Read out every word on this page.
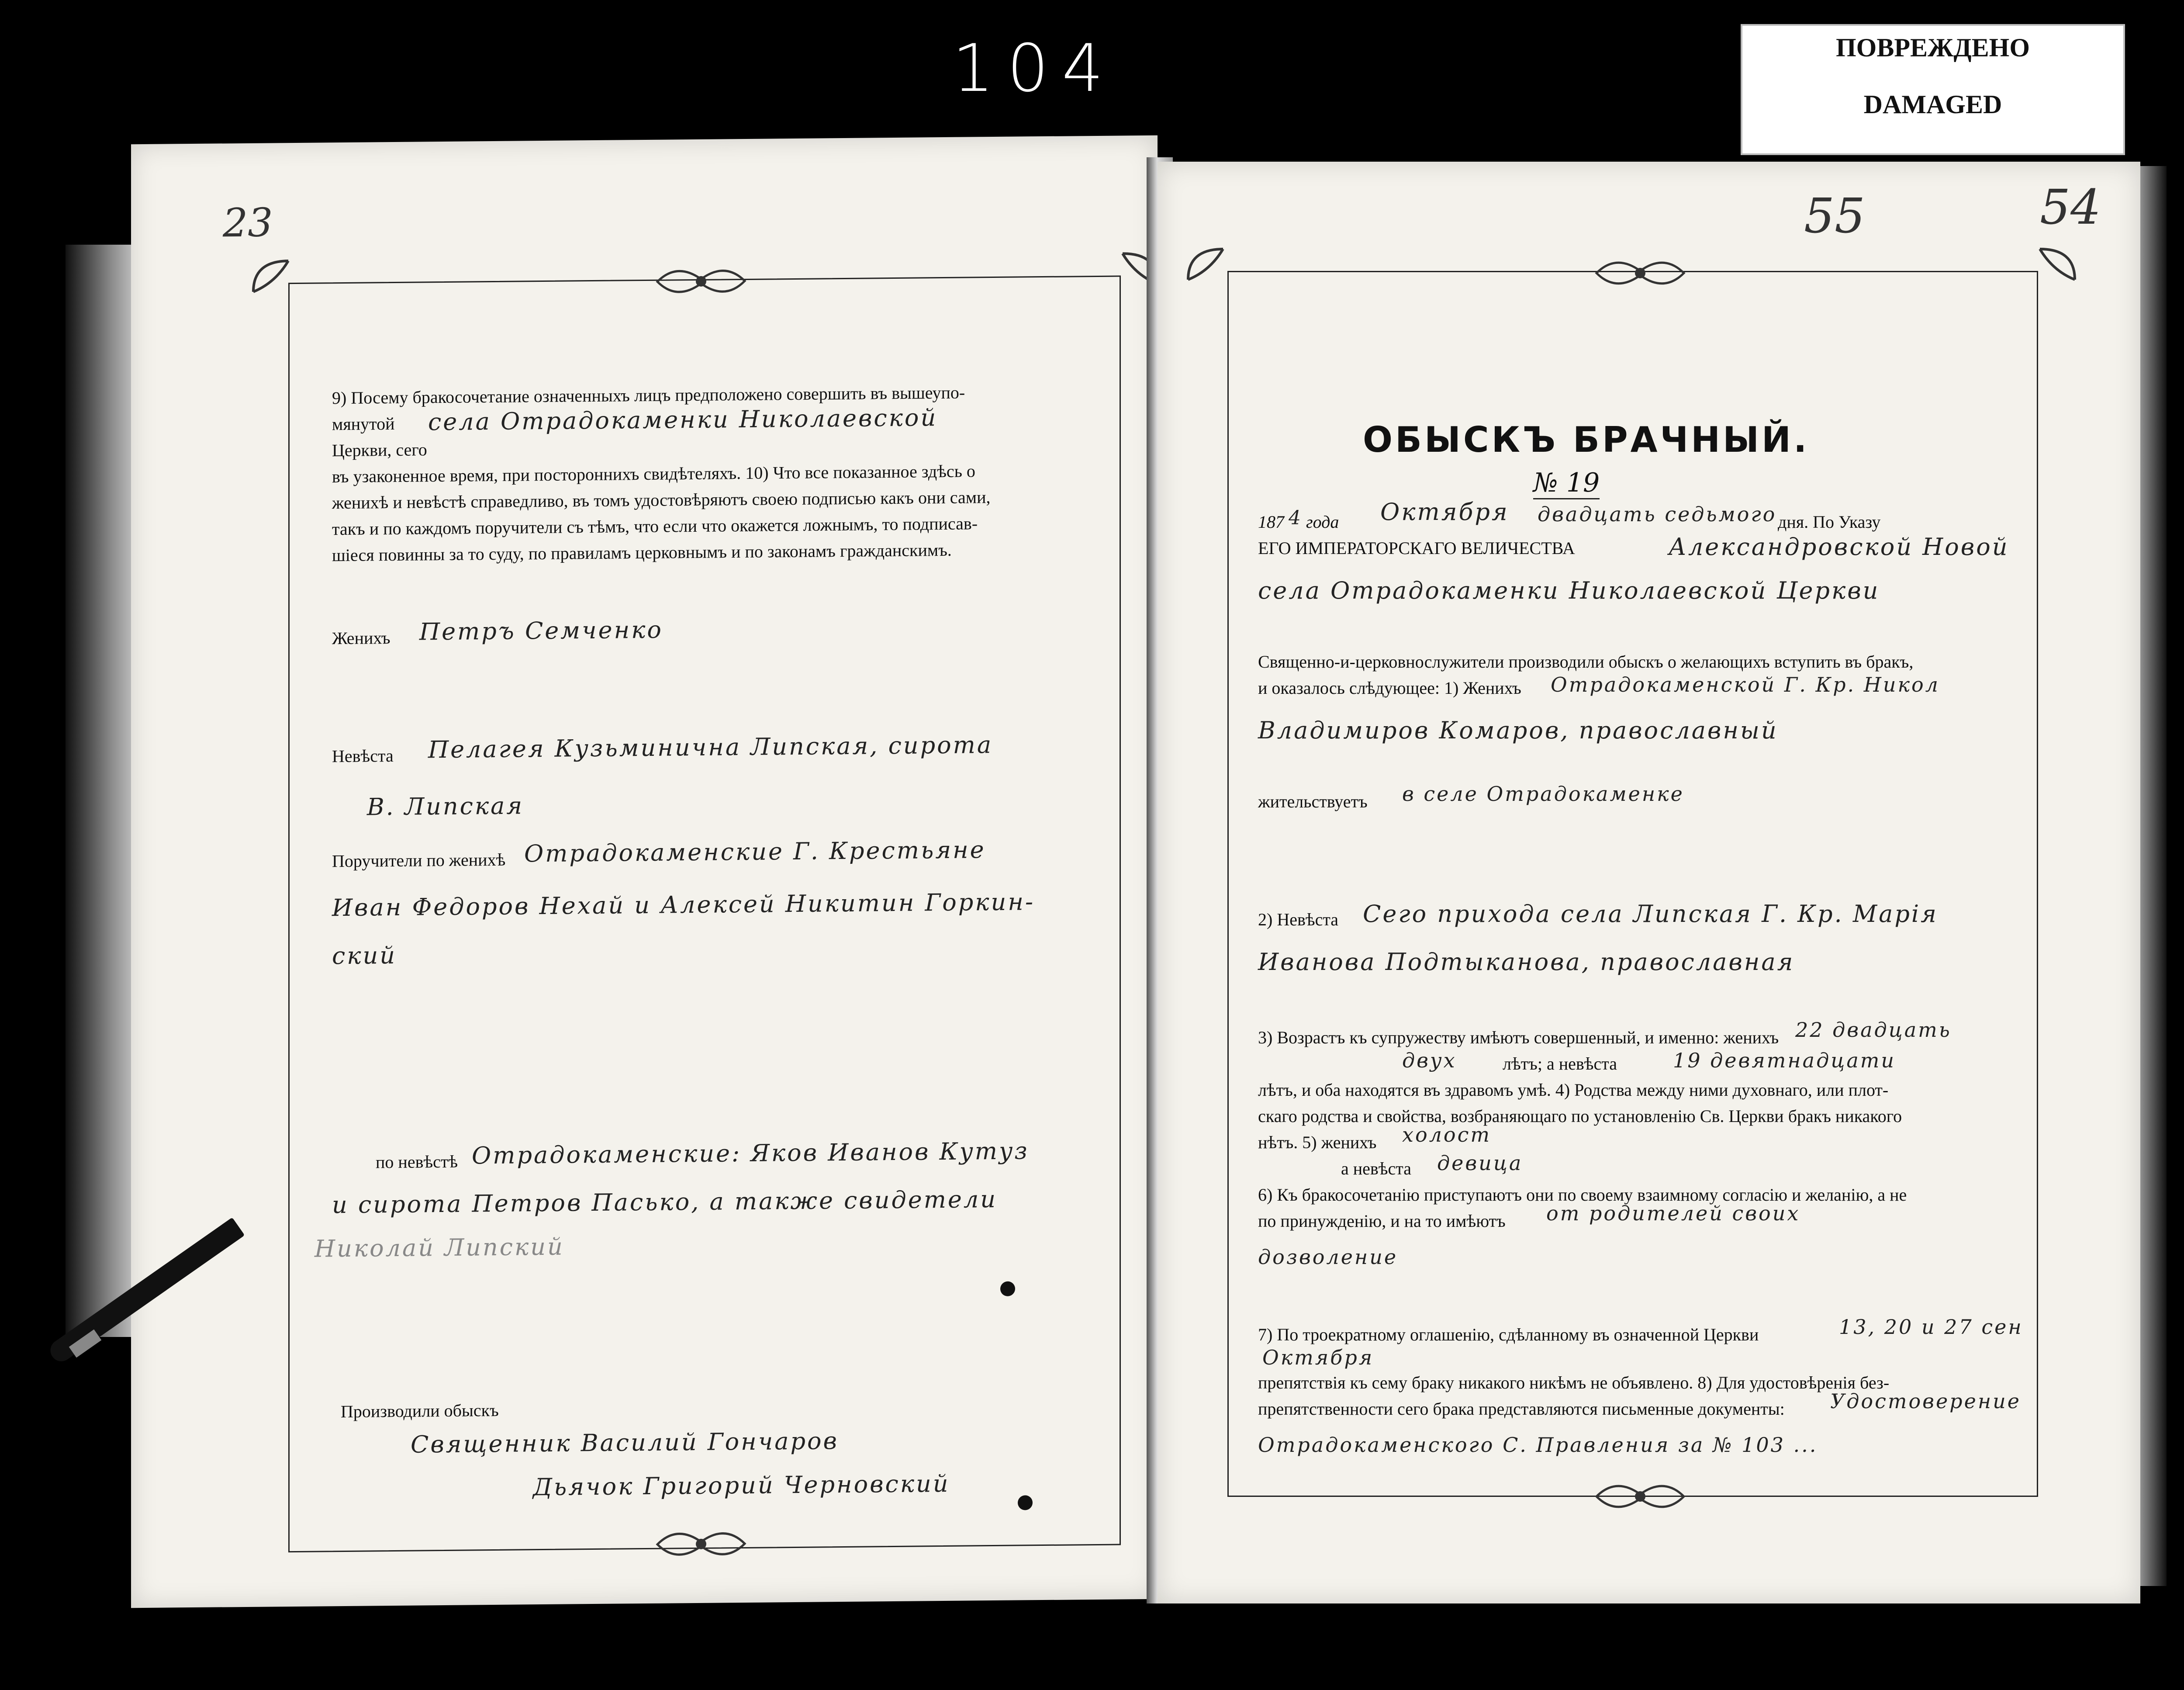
104	ПОВРЕЖДЕНО
DAMAGED
23
9) Посему бракосочетание означенныхъ лицъ предположено совершить въ вышеупо-
мянутой села Отрадокаменки Николаевской
Церкви, сего
въ узаконенное время, при постороннихъ свидѣтеляхъ. 10) Что все показанное здѣсь о
женихѣ и невѣстѣ справедливо, въ томъ удостовѣряютъ своею подписью какъ они сами,
такъ и по каждомъ поручители съ тѣмъ, что если что окажется ложнымъ, то подписав-
шіеся повинны за то суду, по правиламъ церковнымъ и по законамъ гражданскимъ.
Женихъ Петръ Семченко
Невѣста Пелагея Кузьминична Липская, сирота
В. Липская
Поручители по женихѣ Отрадокаменские Г. Крестьяне
Иван Федоров Нехай и Алексей Никитин Горкин-
ский
по невѣстѣ Отрадокаменские: Яков Иванов Кутуз
и сирота Петров Пасько, а также свидетели
Николай Липский
Производили обыскъ
Священник Василий Гончаров
Дьячок Григорий Черновский
55	54
ОБЫСКЪ БРАЧНЫЙ.
№ 19
187 4 года Октября двадцать седьмого дня. По Указу
ЕГО ИМПЕРАТОРСКАГО ВЕЛИЧЕСТВА	Александровской Новой
села Отрадокаменки Николаевской Церкви
Священно-и-церковнослужители производили обыскъ о желающихъ вступить въ бракъ,
и оказалось слѣдующее: 1) Женихъ Отрадокаменской Г. Кр. Никол
Владимиров Комаров, православный
жительствуетъ в селе Отрадокаменке
2) Невѣста Сего прихода села Липская Г. Кр. Марія
Иванова Подтыканова, православная
3) Возрастъ къ супружеству имѣютъ совершенный, и именно: женихъ 22 двадцать
двух	лѣтъ; а невѣста	19 девятнадцати
лѣтъ, и оба находятся въ здравомъ умѣ. 4) Родства между ними духовнаго, или плот-
скаго родства и свойства, возбраняющаго по установленію Св. Церкви бракъ никакого
нѣтъ. 5) женихъ холост
а невѣста девица
6) Къ бракосочетанію приступаютъ они по своему взаимному согласію и желанію, а не
по принужденію, и на то имѣютъ от родителей своих
дозволение
7) По троекратному оглашенію, сдѣланному въ означенной Церкви	13, 20 и 27 сен
Октября
препятствія къ сему браку никакого никѣмъ не объявлено. 8) Для удостовѣренія без-
препятственности сего брака представляются письменные документы: Удостоверение
Отрадокаменского С. Правления за № 103 ...
